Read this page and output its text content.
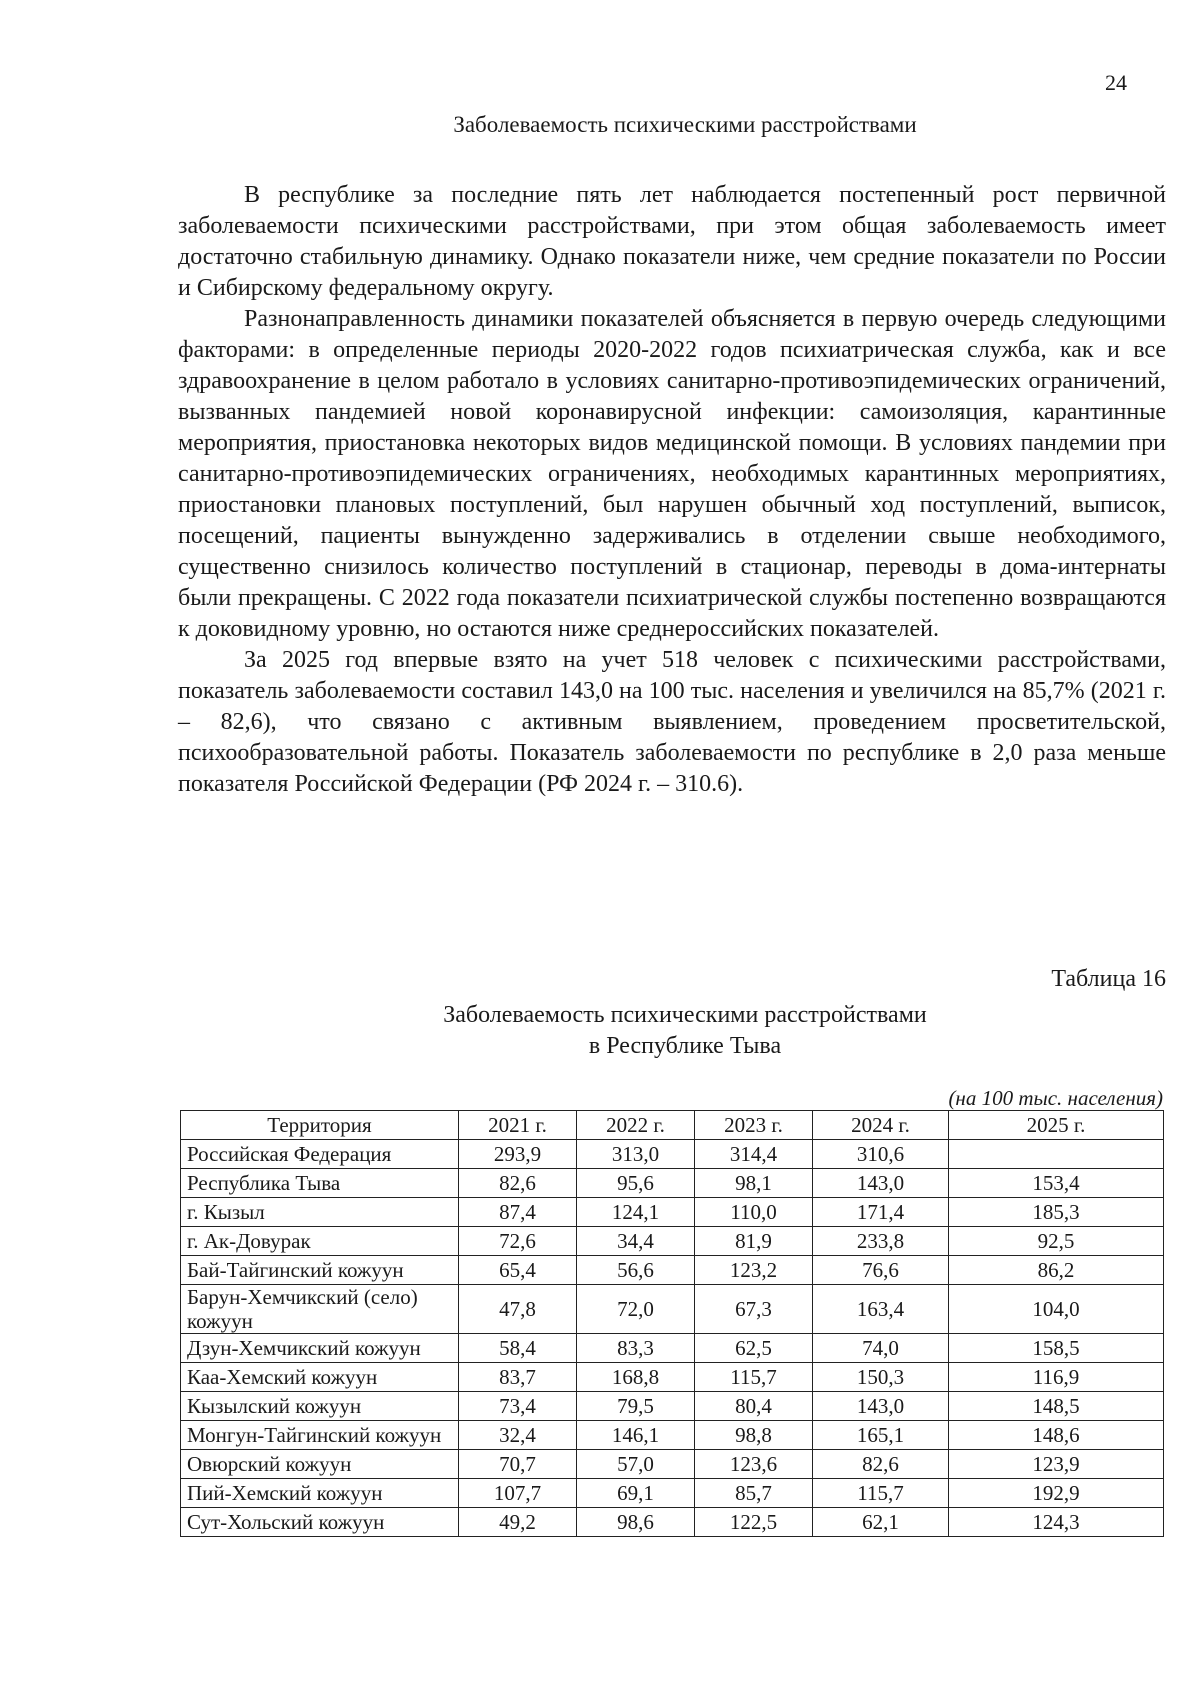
24
Заболеваемость психическими расстройствами

В республике за последние пять лет наблюдается постепенный рост первичной заболеваемости психическими расстройствами, при этом общая заболеваемость имеет достаточно стабильную динамику. Однако показатели ниже, чем средние показатели по России и Сибирскому федеральному округу.

Разнонаправленность динамики показателей объясняется в первую очередь следующими факторами: в определенные периоды 2020-2022 годов психиатрическая служба, как и все здравоохранение в целом работало в условиях санитарно-противоэпидемических ограничений, вызванных пандемией новой коронавирусной инфекции: самоизоляция, карантинные мероприятия, приостановка некоторых видов медицинской помощи. В условиях пандемии при санитарно-противоэпидемических ограничениях, необходимых карантинных мероприятиях, приостановки плановых поступлений, был нарушен обычный ход поступлений, выписок, посещений, пациенты вынужденно задерживались в отделении свыше необходимого, существенно снизилось количество поступлений в стационар, переводы в дома-интернаты были прекращены. С 2022 года показатели психиатрической службы постепенно возвращаются к доковидному уровню, но остаются ниже среднероссийских показателей.

За 2025 год впервые взято на учет 518 человек с психическими расстройствами, показатель заболеваемости составил 143,0 на 100 тыс. населения и увеличился на 85,7% (2021 г. – 82,6), что связано с активным выявлением, проведением просветительской, психообразовательной работы. Показатель заболеваемости по республике в 2,0 раза меньше показателя Российской Федерации (РФ 2024 г. – 310.6).

Таблица 16
Заболеваемость психическими расстройствами
в Республике Тыва
(на 100 тыс. населения)
Территория	2021 г.	2022 г.	2023 г.	2024 г.	2025 г.
Российская Федерация	293,9	313,0	314,4	310,6	
Республика Тыва	82,6	95,6	98,1	143,0	153,4
г. Кызыл	87,4	124,1	110,0	171,4	185,3
г. Ак-Довурак	72,6	34,4	81,9	233,8	92,5
Бай-Тайгинский кожуун	65,4	56,6	123,2	76,6	86,2
Барун-Хемчикский (село) кожуун	47,8	72,0	67,3	163,4	104,0
Дзун-Хемчикский кожуун	58,4	83,3	62,5	74,0	158,5
Каа-Хемский кожуун	83,7	168,8	115,7	150,3	116,9
Кызылский кожуун	73,4	79,5	80,4	143,0	148,5
Монгун-Тайгинский кожуун	32,4	146,1	98,8	165,1	148,6
Овюрский кожуун	70,7	57,0	123,6	82,6	123,9
Пий-Хемский кожуун	107,7	69,1	85,7	115,7	192,9
Сут-Хольский кожуун	49,2	98,6	122,5	62,1	124,3
